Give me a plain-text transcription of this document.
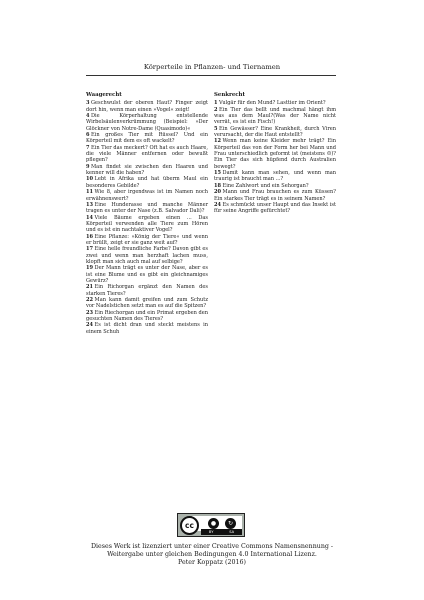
Körperteile in Pflanzen- und Tiernamen
Waagerecht

3 Geschwulst der oberen Haut? Finger zeigt dort hin, wenn man einen »Vogel« zeigt!

4 Die Körperhaltung entstellende Wirbelsäulenverkrümmung (Beispiel: »Der Glöckner von Notre-Dame (Quasimodo)«

6 Ein großes Tier mit Rüssel? Und ein Körperteil mit dem es oft wackelt?

7 Ein Tier das meckert? Oft hat es auch Haare, die viele Männer entfernen oder bewußt pflegen?

9 Man findet sie zwischen den Haaren und kenner will die haben?

10 Lebt in Afrika und hat überm Maul ein besonderes Gebilde?

11 Wie 8, aber irgendwas ist im Namen noch erwähnenswert?

13 Eine Hunderasse und manche Männer tragen es unter der Nase (z.B. Salvador Dali)?

14 Viele Bäume ergeben einen ... Das Körperteil verwenden alle Tiere zum Hören und es ist ein nachtaktiver Vogel?

16 Eine Pflanze: »König der Tiere« und wenn er brüllt, zeigt er sie ganz weit auf?

17 Eine helle freundliche Farbe? Davon gibt es zwei und wenn man herzhaft lachen muss, klopft man sich auch mal auf selbige?

19 Der Mann trägt es unter der Nase, aber es ist eine Blume und es gibt ein gleichnamiges Gewürz?

21 Ein Richorgan ergänzt den Namen des starken Tieres?

22 Man kann damit greifen und zum Schutz vor Nadelstichen setzt man es auf die Spitzen?

23 Ein Riechorgan und ein Primat ergeben den gesuchten Namen des Tieres?

24 Es ist dicht dran und steckt meistens in einem Schuh

Senkrecht

1 Vulgär für den Mund? Lasttier im Orient?

2 Ein Tier das bellt und machmal hängt ihm was aus dem Maul?(Was der Name nicht verrät, es ist ein Fisch!)

5 Ein Gewässer? Eine Krankheit, durch Viren verursacht, der die Haut entstellt?

12 Wenn man keine Kleider mehr trägt? Ein Körperteil das von der Form her bei Mann und Frau unterschiedlich geformt ist (meistens ☺)? Ein Tier das sich hüpfend durch Australien bewegt?

15 Damit kann man sehen, und wenn man traurig ist braucht man ...?

18 Eine Zahlwort und ein Sehorgan?

20 Mann und Frau brauchen es zum Küssen? Ein starkes Tier trägt es in seinem Namen?

24 Es schmückt unser Haupt und das Insekt ist für seine Angriffe gefürchtet?

cc	●	↻
BY	SA
Dieses Werk ist lizenziert unter einer Creative Commons Namensnennung -
Weitergabe unter gleichen Bedingungen 4.0 International Lizenz.
Peter Koppatz (2016)
